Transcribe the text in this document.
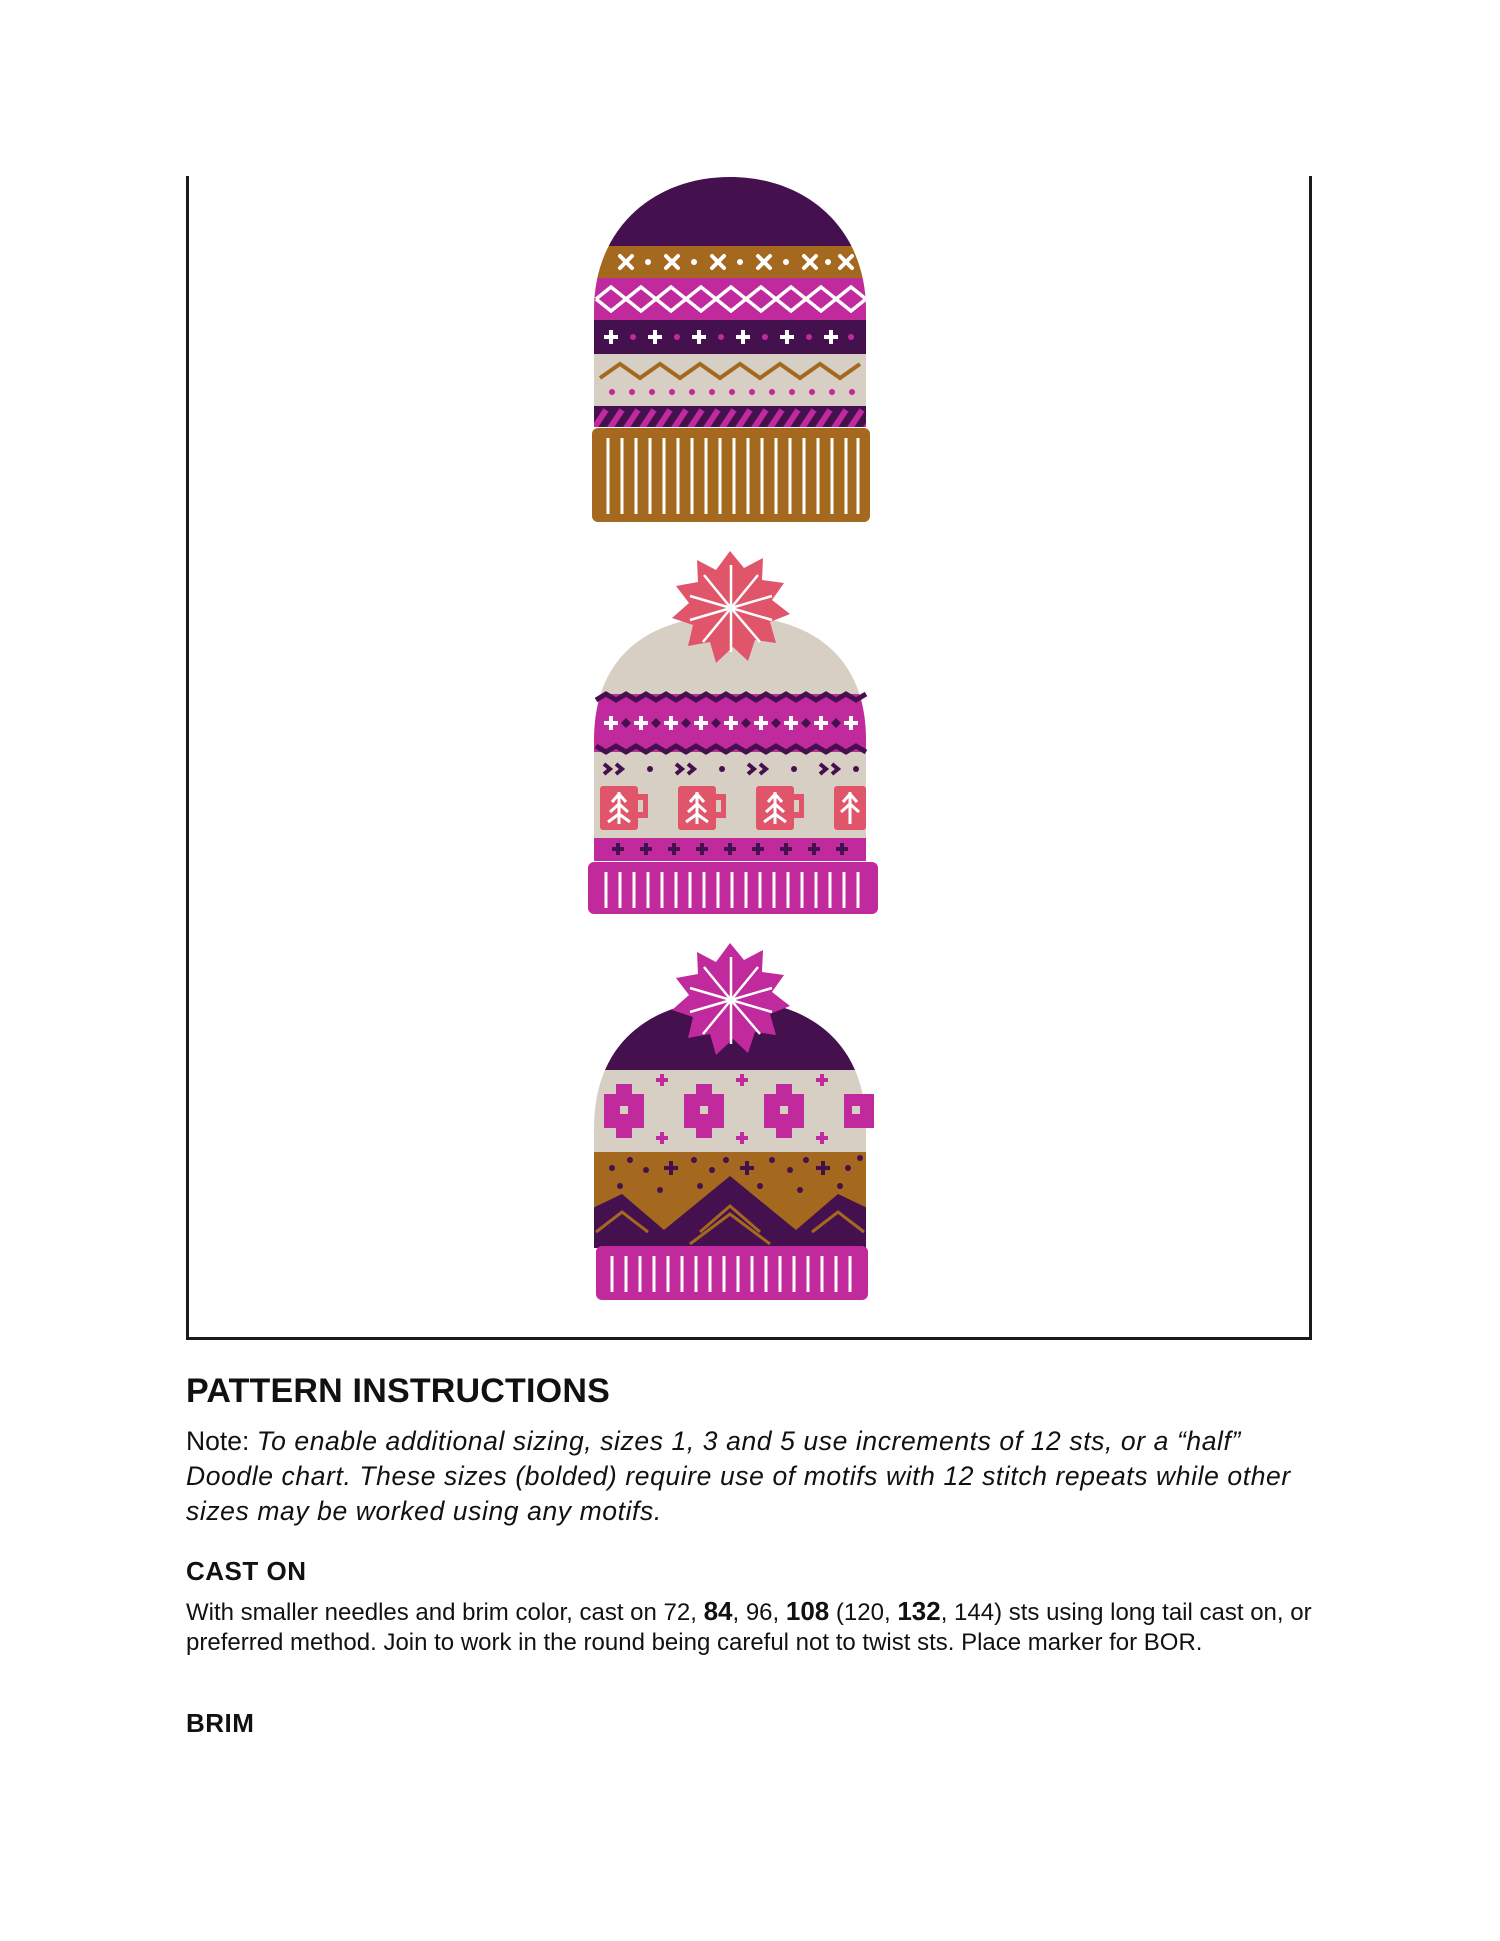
PATTERN INSTRUCTIONS

Note: To enable additional sizing, sizes 1, 3 and 5 use increments of 12 sts, or a “half” Doodle chart. These sizes (bolded) require use of motifs with 12 stitch repeats while other sizes may be worked using any motifs.

CAST ON

With smaller needles and brim color, cast on 72, 84, 96, 108 (120, 132, 144) sts using long tail cast on, or preferred method. Join to work in the round being careful not to twist sts. Place marker for BOR.

BRIM
